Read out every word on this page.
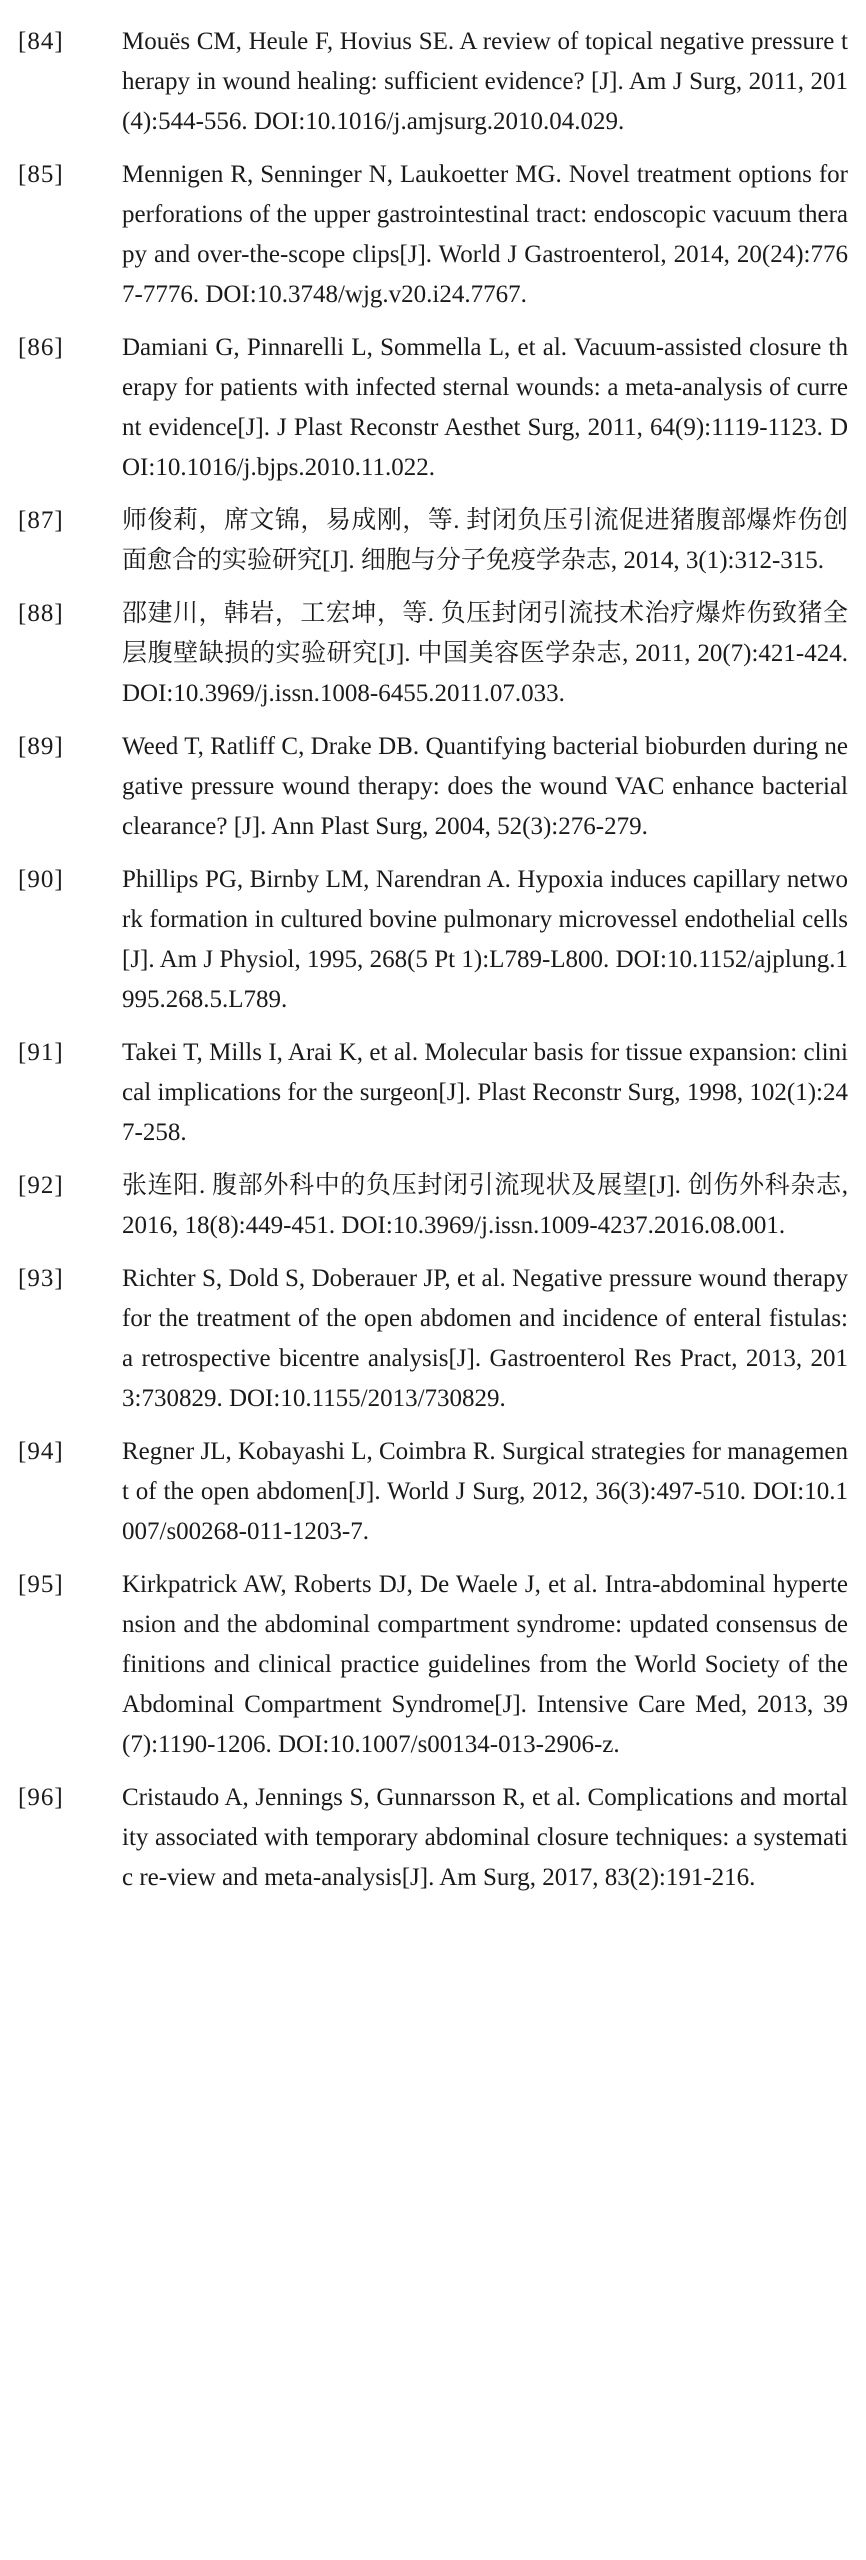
[84]	Mouës CM, Heule F, Hovius SE. A review of topical negative pressure therapy in wound healing: sufficient evidence? [J]. Am J Surg, 2011, 201(4):544-556. DOI:10.1016/j.amjsurg.2010.04.029.
[85]	Mennigen R, Senninger N, Laukoetter MG. Novel treatment options for perforations of the upper gastrointestinal tract: endoscopic vacuum therapy and over-the-scope clips[J]. World J Gastroenterol, 2014, 20(24):7767-7776. DOI:10.3748/wjg.v20.i24.7767.
[86]	Damiani G, Pinnarelli L, Sommella L, et al. Vacuum-assisted closure therapy for patients with infected sternal wounds: a meta-analysis of current evidence[J]. J Plast Reconstr Aesthet Surg, 2011, 64(9):1119-1123. DOI:10.1016/j.bjps.2010.11.022.
[87]	师俊莉，席文锦，易成刚，等. 封闭负压引流促进猪腹部爆炸伤创面愈合的实验研究[J]. 细胞与分子免疫学杂志, 2014, 3(1):312-315.
[88]	邵建川，韩岩，工宏坤，等. 负压封闭引流技术治疗爆炸伤致猪全层腹壁缺损的实验研究[J]. 中国美容医学杂志, 2011, 20(7):421-424. DOI:10.3969/j.issn.1008-6455.2011.07.033.
[89]	Weed T, Ratliff C, Drake DB. Quantifying bacterial bioburden during negative pressure wound therapy: does the wound VAC enhance bacterial clearance? [J]. Ann Plast Surg, 2004, 52(3):276-279.
[90]	Phillips PG, Birnby LM, Narendran A. Hypoxia induces capillary network formation in cultured bovine pulmonary microvessel endothelial cells[J]. Am J Physiol, 1995, 268(5 Pt 1):L789-L800. DOI:10.1152/ajplung.1995.268.5.L789.
[91]	Takei T, Mills I, Arai K, et al. Molecular basis for tissue expansion: clinical implications for the surgeon[J]. Plast Reconstr Surg, 1998, 102(1):247-258.
[92]	张连阳. 腹部外科中的负压封闭引流现状及展望[J]. 创伤外科杂志, 2016, 18(8):449-451. DOI:10.3969/j.issn.1009-4237.2016.08.001.
[93]	Richter S, Dold S, Doberauer JP, et al. Negative pressure wound therapy for the treatment of the open abdomen and incidence of enteral fistulas: a retrospective bicentre analysis[J]. Gastroenterol Res Pract, 2013, 2013:730829. DOI:10.1155/2013/730829.
[94]	Regner JL, Kobayashi L, Coimbra R. Surgical strategies for management of the open abdomen[J]. World J Surg, 2012, 36(3):497-510. DOI:10.1007/s00268-011-1203-7.
[95]	Kirkpatrick AW, Roberts DJ, De Waele J, et al. Intra-abdominal hypertension and the abdominal compartment syndrome: updated consensus definitions and clinical practice guidelines from the World Society of the Abdominal Compartment Syndrome[J]. Intensive Care Med, 2013, 39(7):1190-1206. DOI:10.1007/s00134-013-2906-z.
[96]	Cristaudo A, Jennings S, Gunnarsson R, et al. Complications and mortality associated with temporary abdominal closure techniques: a systematic re-view and meta-analysis[J]. Am Surg, 2017, 83(2):191-216.
